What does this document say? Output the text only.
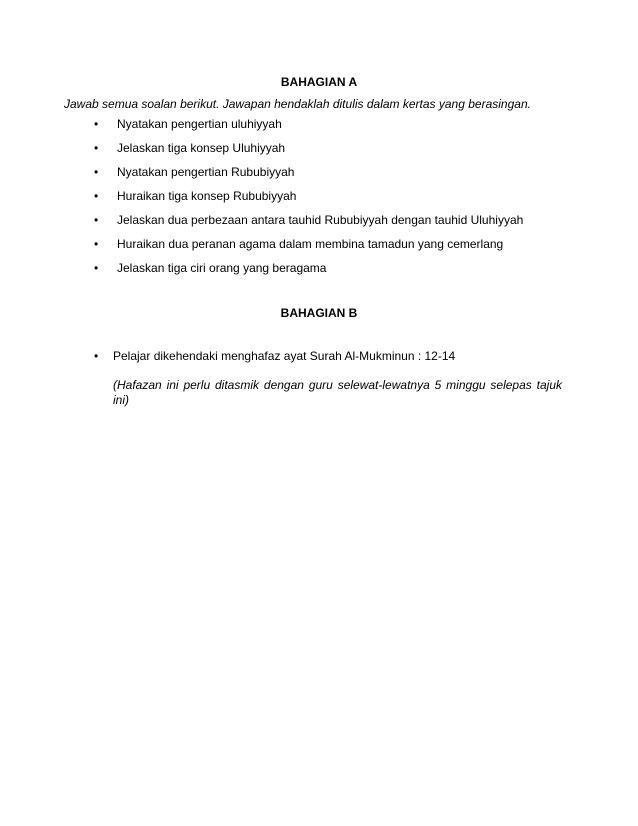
BAHAGIAN A
Jawab semua soalan berikut. Jawapan hendaklah ditulis dalam kertas yang berasingan.
• Nyatakan pengertian uluhiyyah
• Jelaskan tiga konsep Uluhiyyah
• Nyatakan pengertian Rububiyyah
• Huraikan tiga konsep Rububiyyah
• Jelaskan dua perbezaan antara tauhid Rububiyyah dengan tauhid Uluhiyyah
• Huraikan dua peranan agama dalam membina tamadun yang cemerlang
• Jelaskan tiga ciri orang yang beragama
BAHAGIAN B
• Pelajar dikehendaki menghafaz ayat Surah Al-Mukminun : 12-14
(Hafazan ini perlu ditasmik dengan guru selewat-lewatnya 5 minggu selepas tajuk ini)
